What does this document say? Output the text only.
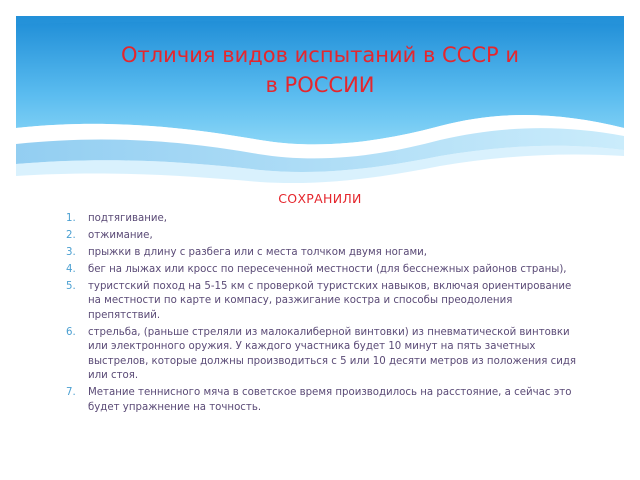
Отличия видов испытаний в СССР и
в РОССИИ
СОХРАНИЛИ
1. подтягивание,
2. отжимание,
3. прыжки в длину с разбега или с места толчком двумя ногами,
4. бег на лыжах или кросс по пересеченной местности (для бесснежных районов страны),
5. туристский поход на 5-15 км с проверкой туристских навыков, включая ориентирование на местности по карте и компасу, разжигание костра и способы преодоления препятствий.
6. стрельба, (раньше стреляли из малокалиберной винтовки) из пневматической винтовки или электронного оружия. У каждого участника будет 10 минут на пять зачетных выстрелов, которые должны производиться с 5 или 10 десяти метров из положения сидя или стоя.
7. Метание теннисного мяча в советское время производилось на расстояние, а сейчас это будет упражнение на точность.
